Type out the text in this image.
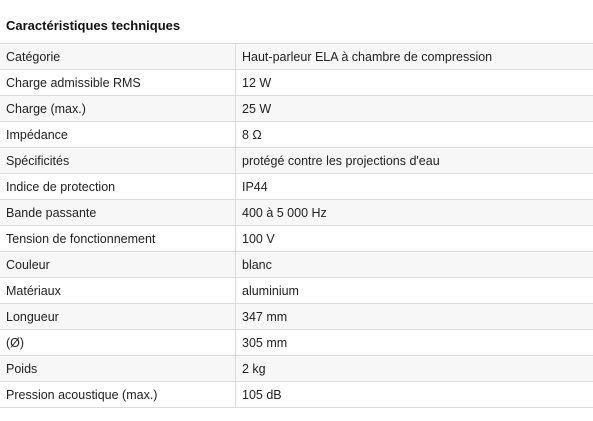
Caractéristiques techniques
Catégorie	Haut-parleur ELA à chambre de compression
Charge admissible RMS	12 W
Charge (max.)	25 W
Impédance	8 Ω
Spécificités	protégé contre les projections d'eau
Indice de protection	IP44
Bande passante	400 à 5 000 Hz
Tension de fonctionnement	100 V
Couleur	blanc
Matériaux	aluminium
Longueur	347 mm
(Ø)	305 mm
Poids	2 kg
Pression acoustique (max.)	105 dB
